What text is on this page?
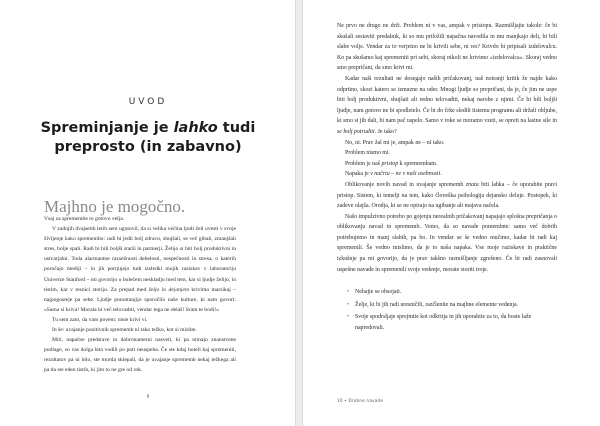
UVOD
Spreminjanje je lahko tudi
preprosto (in zabavno)
Majhno je mogočno.

Vsaj za spremembe to gotovo velja.

V zadnjih dvajsetih letih sem ugotovil, da si velika večina ljudi želi uvesti v svoje življenje kako spremembo: radi bi jedli bolj zdravo, shujšali, se več gibali, zmanjšali stres, bolje spali. Radi bi bili boljši starši in partnerji. Želijo si biti bolj produktivni in ustvarjalni. Toda alarmantne razsežnosti debelosti, nespečnosti in stresa, o katerih poročajo mediji – in jih potrjujejo tudi izsledki mojih raziskav v laboratoriju Univerze Stanford – mi govorijo o bolečem neskladju med tem, kar si ljudje želijo, in tistim, kar v resnici storijo. Za prepad med željo in dejanjem krivimo marsikaj – najpogosteje pa sebe. Ljudje ponotranjijo sporočilo naše kulture, ki nam govori: »Sama si kriva! Morala bi več telovaditi, vendar tega ne delaš! Sram te bodi!«

Tu sem zato, da vam povem: niste krivi vi.

In še: uvajanje pozitivnih sprememb ni tako težko, kot si mislite.

Miti, napačne predstave in dobronamerni nasveti, ki pa nimajo znanstvene podlage, so vas dolga leta vodili po poti neuspeha. Če ste kdaj hoteli kaj spremeniti, rezultatov pa ni bilo, ste morda sklepali, da je uvajanje sprememb nekaj težkega ali pa da ste eden tistih, ki jim to ne gre od rok.

9

Ne prvo ne drugo ne drži. Problem ni v vas, ampak v pristopu. Razmišljajte takole: če bi skušali sestaviti predalnik, ki so mu priložili napačna navodila in mu manjkajo deli, bi bili slabe volje. Vendar za to verjetno ne bi krivili sebe, ni res? Krivdo bi pripisali izdelovalcu. Ko pa skušamo kaj spremeniti pri sebi, skoraj nikoli ne krivimo »izdelovalca«. Skoraj vedno smo prepričani, da smo krivi mi.

Kadar naši rezultati ne dosegajo naših pričakovanj, naš notranji kritik že najde kako odprtino, skozi katero se izmuzne na oder. Mnogi ljudje so prepričani, da je, če jim ne uspe biti bolj produktivni, shujšati ali redno telovaditi, nekaj narobe z njimi. Če bi bili boljši ljudje, nam gotovo ne bi spodletelo. Če bi do črke sledili tistemu programu ali držali obljube, ki smo si jih dali, bi nam pač uspelo. Samo v roke se moramo vzeti, se opreti na lastne sile in se bolj potruditi. Je tako?

No, ni. Prav žal mi je, ampak ne – ni tako.

Problem nismo mi.

Problem je naš pristop k spremembam.

Napaka je v načrtu – ne v naši osebnosti.

Oblikovanje novih navad in uvajanje sprememb znata biti lahka – če uporabite pravi pristop. Sistem, ki temelji na tem, kako človeška psihologija dejansko deluje. Postopek, ki zadeve olajša. Orodja, ki se ne opirajo na ugibanje ali majava načela.

Našo impulzivno potrebo po gojenju nerealnih pričakovanj napajajo splošna prepričanja o oblikovanju navad in sprememb. Vemo, da so navade pomembne: samo več dobrih potrebujemo in manj slabih, pa bo. In vendar se še vedno mučimo, kadar bi radi kaj spremenili. Še vedno mislimo, da je to naša napaka. Vse moje raziskave in praktične izkušnje pa mi govorijo, da je prav takšno razmišljanje zgrešeno. Če bi radi zasnovali uspešne navade in spremenili svoje vedenje, morate storiti troje.

• Nehajte se obsojati.
• Želje, ki bi jih radi uresničili, razčlenite na majhne elemente vedenja.
• Svoje spodrsljaje sprejmite kot odkritja in jih uporabite za to, da boste laže napredovali.
10 • Drobne navade
